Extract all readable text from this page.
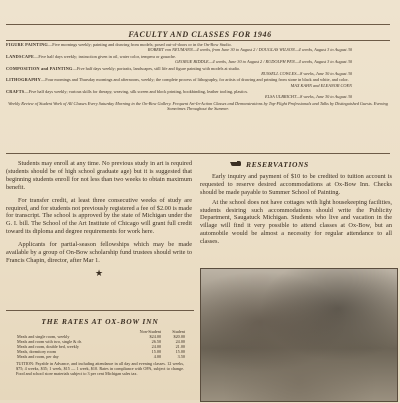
FACULTY AND CLASSES FOR 1946
FIGURE PAINTING—Five mornings weekly; painting and drawing from models; posed out-of-doors or in the On-Bow Studio.
ROBERT von NEUMANN—4 weeks, from June 30 to August 2 / DOUGLAS WILSON—4 weeks, August 3 to August 30
LANDSCAPE—Five half days weekly; instruction given in oil, water color, tempera or gouache.
GEORGE BIDDLE—4 weeks, June 30 to August 2 / RUDOLPH PEN—4 weeks, August 3 to August 30
COMPOSITION and PAINTING—Five half days weekly; portraits, landscapes, still life and figure painting with models at studio.
RUSSELL COWLES—8 weeks, June 30 to August 30
LITHOGRAPHY—Four mornings and Thursday mornings and afternoons, weekly; the complete process of lithography, for artists of drawing and printing from stone in black and white, and color.
MAX KAHN and ELEANOR COEN
CRAFTS—Five half days weekly; various skills for therapy, weaving, silk screen and block printing, bookbinding, leather tooling, plastics.
ELSA ULBRICHT—8 weeks, June 30 to August 30
Weekly Review of Student Work of All Classes Every Saturday Morning in the On-Bow Gallery. Frequent Art-In-Action Classes and Demonstrations by Top-Flight Professionals and Talks by Distinguished Guests. Evening Sometimes Throughout the Summer.

Students may enroll at any time. No previous study in art is required (students should be of high school graduate age) but it is suggested that beginning students enroll for not less than two weeks to obtain maximum benefit.

For transfer credit, at least three consecutive weeks of study are required, and for students not previously registered a fee of $2.00 is made for transcript. The school is approved by the state of Michigan under the G. I. bill. The School of the Art Institute of Chicago will grant full credit toward its diploma and degree requirements for work here.

Applicants for partial-season fellowships which may be made available by a group of On-Bow scholarship fund trustees should write to Francis Chapin, director, after Mar 1.

★
RESERVATIONS

Early inquiry and payment of $10 to be credited to tuition account is requested to reserve desired accommodations at Ox-Bow Inn. Checks should be made payable to Summer School of Painting.

At the school does not have cottages with light housekeeping facilities, students desiring such accommodations should write the Publicity Department, Saugatuck Michigan. Students who live and vacation in the village will find it very possible to attend classes at Ox-Bow, but an automobile would be almost a necessity for regular attendance to all classes.

THE RATES AT OX-BOW INN
	Non-Student	Student
Meals and single room, weekly	$24.00	$20.00
Meals and room with two, single & dr.	26.50	24.00
Meals and room, double bed, weekly	24.00	21.00
Meals, dormitory room	15.00	15.00
Meals and room, per day	4.00	3.50
TUITION: Payable in Advance, and including attendance in all day and evening classes. 12 weeks, $75; 4 weeks, $35; 1 week, $15 — 1 week, $10. Rates in compliance with OPA, subject to change. Food and school store materials subject to 3 per cent Michigan sales tax.
